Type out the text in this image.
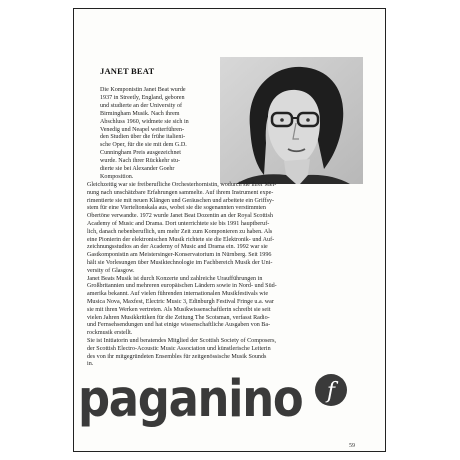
JANET BEAT
Die Komponistin Janet Beat wurde
1937 in Streetly, England, geboren
und studierte an der University of
Birmingham Musik. Nach ihrem
Abschluss 1960, widmete sie sich in
Venedig und Neapel weiterführen-
den Studien über die frühe italieni-
sche Oper, für die sie mit dem G.D.
Cunningham Preis ausgezeichnet
wurde. Nach ihrer Rückkehr stu-
dierte sie bei Alexander Goehr
Komposition.
Gleichzeitig war sie freiberufliche Orchesterhornistin, wodurch sie ihrer Mei-
nung nach unschätzbare Erfahrungen sammelte. Auf ihrem Instrument expe-
rimentierte sie mit neuen Klängen und Geräuschen und arbeitete ein Griffsy-
stem für eine Vierteltonskala aus, wobei sie die sogenannten verstimmten
Obertöne verwandte. 1972 wurde Janet Beat Dozentin an der Royal Scottish
Academy of Music and Drama. Dort unterrichtete sie bis 1991 hauptberuf-
lich, danach nebenberuflich, um mehr Zeit zum Komponieren zu haben. Als
eine Pionierin der elektronischen Musik richtete sie die Elektronik- und Auf-
zeichnungsstudios an der Academy of Music and Drama ein. 1992 war sie
Gastkomponistin am Meistersinger-Konservatorium in Nürnberg. Seit 1996
hält sie Vorlesungen über Musiktechnologie im Fachbereich Musik der Uni-
versity of Glasgow.
Janet Beats Musik ist durch Konzerte und zahlreiche Uraufführungen in
Großbritannien und mehreren europäischen Ländern sowie in Nord- und Süd-
amerika bekannt. Auf vielen führenden internationalen Musikfestivals wie
Musica Nova, Maxfest, Electric Music 3, Edinburgh Festival Fringe u.a. war
sie mit ihren Werken vertreten. Als Musikwissenschaftlerin schreibt sie seit
vielen Jahren Musikkritiken für die Zeitung The Scotsman, verfasst Radio-
und Fernsehsendungen und hat einige wissenschaftliche Ausgaben von Ba-
rockmusik erstellt.
Sie ist Initiatorin und beratendes Mitglied der Scottish Society of Composers,
der Scottish Electro-Acoustic Music Association und künstlerische Leiterin
des von ihr mitgegründeten Ensembles für zeitgenössische Musik Sounds
in.
59
paganino f
